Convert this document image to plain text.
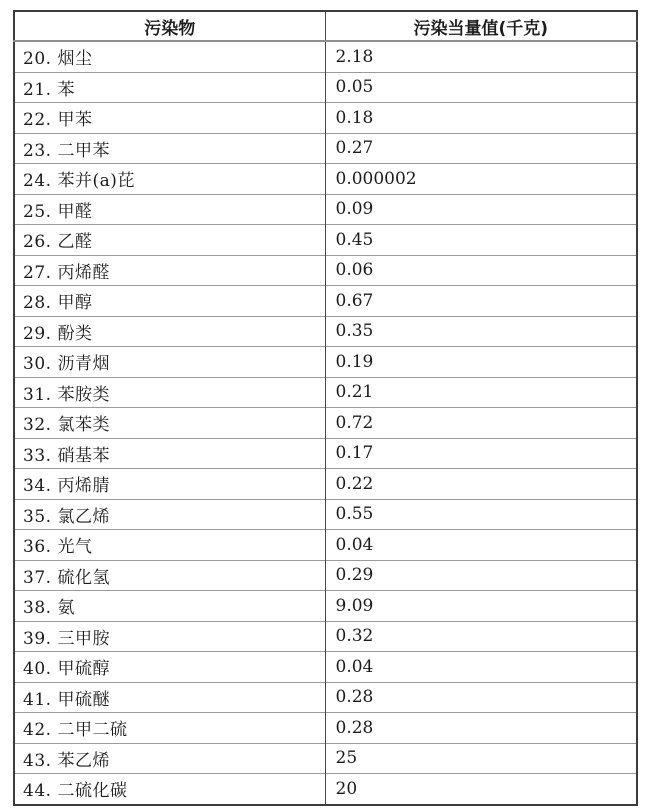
污染物	污染当量值(千克)
20. 烟尘	2.18
21. 苯	0.05
22. 甲苯	0.18
23. 二甲苯	0.27
24. 苯并(a)芘	0.000002
25. 甲醛	0.09
26. 乙醛	0.45
27. 丙烯醛	0.06
28. 甲醇	0.67
29. 酚类	0.35
30. 沥青烟	0.19
31. 苯胺类	0.21
32. 氯苯类	0.72
33. 硝基苯	0.17
34. 丙烯腈	0.22
35. 氯乙烯	0.55
36. 光气	0.04
37. 硫化氢	0.29
38. 氨	9.09
39. 三甲胺	0.32
40. 甲硫醇	0.04
41. 甲硫醚	0.28
42. 二甲二硫	0.28
43. 苯乙烯	25
44. 二硫化碳	20
